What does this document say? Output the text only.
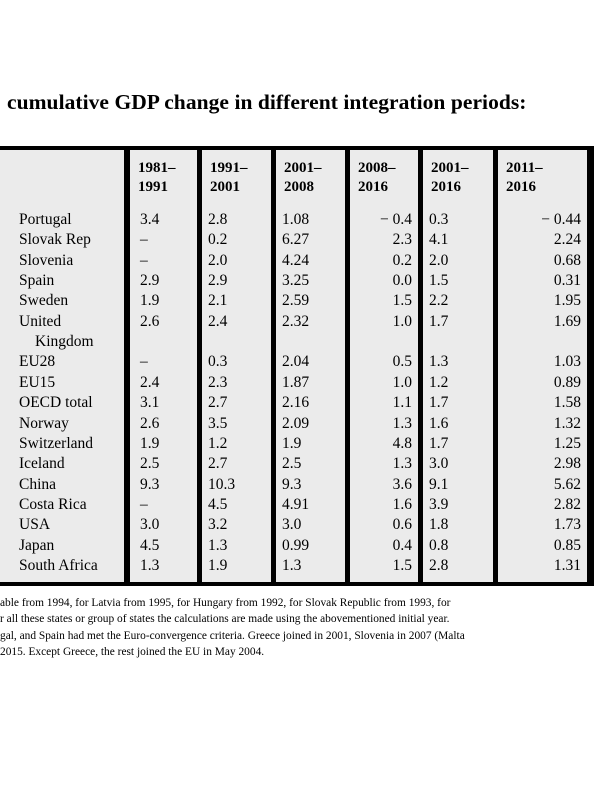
cumulative GDP change in different integration periods:
Portugal
Slovak Rep
Slovenia
Spain
Sweden
United
Kingdom
EU28
EU15
OECD total
Norway
Switzerland
Iceland
China
Costa Rica
USA
Japan
South Africa
1981–
1991
3.4
–
–
2.9
1.9
2.6
–
2.4
3.1
2.6
1.9
2.5
9.3
–
3.0
4.5
1.3
1991–
2001
2.8
0.2
2.0
2.9
2.1
2.4
0.3
2.3
2.7
3.5
1.2
2.7
10.3
4.5
3.2
1.3
1.9
2001–
2008
1.08
6.27
4.24
3.25
2.59
2.32
2.04
1.87
2.16
2.09
1.9
2.5
9.3
4.91
3.0
0.99
1.3
2008–
2016
− 0.4
2.3
0.2
0.0
1.5
1.0
0.5
1.0
1.1
1.3
4.8
1.3
3.6
1.6
0.6
0.4
1.5
2001–
2016
0.3
4.1
2.0
1.5
2.2
1.7
1.3
1.2
1.7
1.6
1.7
3.0
9.1
3.9
1.8
0.8
2.8
2011–
2016
− 0.44
2.24
0.68
0.31
1.95
1.69
1.03
0.89
1.58
1.32
1.25
2.98
5.62
2.82
1.73
0.85
1.31
able from 1994, for Latvia from 1995, for Hungary from 1992, for Slovak Republic from 1993, for
r all these states or group of states the calculations are made using the abovementioned initial year.
gal, and Spain had met the Euro-convergence criteria. Greece joined in 2001, Slovenia in 2007 (Malta
2015. Except Greece, the rest joined the EU in May 2004.
